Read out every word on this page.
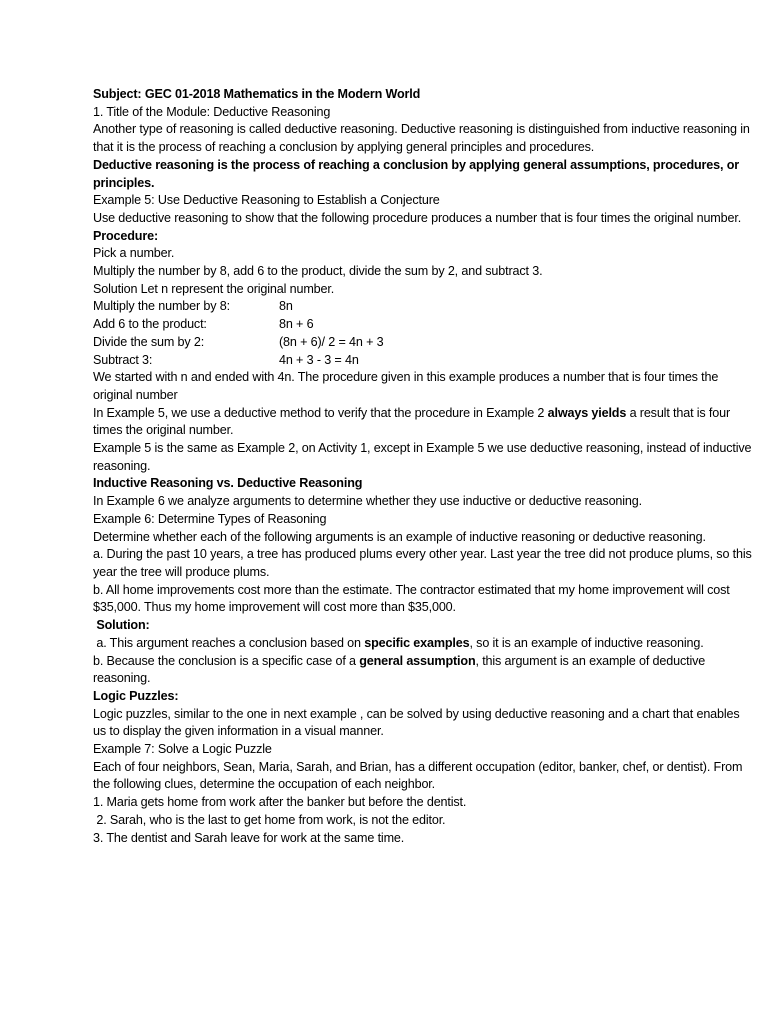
Subject: GEC 01-2018 Mathematics in the Modern World

1. Title of the Module: Deductive Reasoning

Another type of reasoning is called deductive reasoning. Deductive reasoning is distinguished from inductive reasoning in that it is the process of reaching a conclusion by applying general principles and procedures.

Deductive reasoning is the process of reaching a conclusion by applying general assumptions, procedures, or principles.

Example 5: Use Deductive Reasoning to Establish a Conjecture

Use deductive reasoning to show that the following procedure produces a number that is four times the original number.

Procedure:

Pick a number.

Multiply the number by 8, add 6 to the product, divide the sum by 2, and subtract 3.

Solution Let n represent the original number.

Multiply the number by 8:	8n
Add 6 to the product:	8n + 6
Divide the sum by 2:	(8n + 6)/ 2 = 4n + 3
Subtract 3:	4n + 3 - 3 = 4n

We started with n and ended with 4n. The procedure given in this example produces a number that is four times the original number

In Example 5, we use a deductive method to verify that the procedure in Example 2 always yields a result that is four times the original number.

Example 5 is the same as Example 2, on Activity 1, except in Example 5 we use deductive reasoning, instead of inductive reasoning.

Inductive Reasoning vs. Deductive Reasoning

In Example 6 we analyze arguments to determine whether they use inductive or deductive reasoning.

Example 6: Determine Types of Reasoning

Determine whether each of the following arguments is an example of inductive reasoning or deductive reasoning.

a. During the past 10 years, a tree has produced plums every other year. Last year the tree did not produce plums, so this year the tree will produce plums.

b. All home improvements cost more than the estimate. The contractor estimated that my home improvement will cost $35,000. Thus my home improvement will cost more than $35,000.

Solution:

a. This argument reaches a conclusion based on specific examples, so it is an example of inductive reasoning.

b. Because the conclusion is a specific case of a general assumption, this argument is an example of deductive reasoning.

Logic Puzzles:

Logic puzzles, similar to the one in next example , can be solved by using deductive reasoning and a chart that enables us to display the given information in a visual manner.

Example 7: Solve a Logic Puzzle

Each of four neighbors, Sean, Maria, Sarah, and Brian, has a different occupation (editor, banker, chef, or dentist). From the following clues, determine the occupation of each neighbor.

1. Maria gets home from work after the banker but before the dentist.

2. Sarah, who is the last to get home from work, is not the editor.

3. The dentist and Sarah leave for work at the same time.
